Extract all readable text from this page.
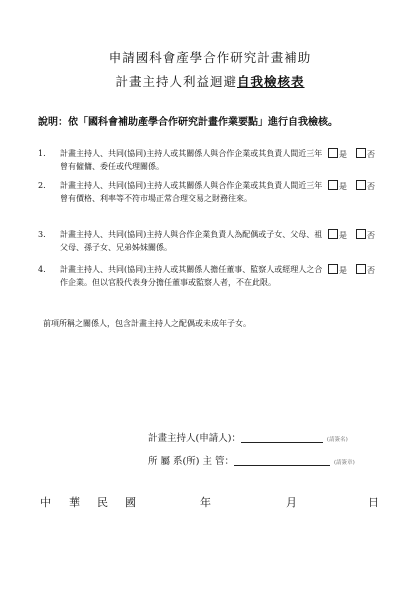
申請國科會產學合作研究計畫補助
計畫主持人利益迴避自我檢核表
說明：依「國科會補助產學合作研究計畫作業要點」進行自我檢核。
1.	計畫主持人、共同(協同)主持人或其關係人與合作企業或其負責人間近三年曾有僱傭、委任或代理關係。
是	否
2.	計畫主持人、共同(協同)主持人或其關係人與合作企業或其負責人間近三年曾有價格、利率等不符市場正常合理交易之財務往來。
是	否
3.	計畫主持人、共同(協同)主持人與合作企業負責人為配偶或子女、父母、祖父母、孫子女、兄弟姊妹關係。
是	否
4.	計畫主持人、共同(協同)主持人或其關係人擔任董事、監察人或經理人之合作企業。但以官股代表身分擔任董事或監察人者，不在此限。
是	否
前項所稱之關係人，包含計畫主持人之配偶或未成年子女。
計畫主持人(申請人)：	(請簽名)
所 屬 系(所) 主 管：	(請簽章)
中 華 民 國	年	月	日
